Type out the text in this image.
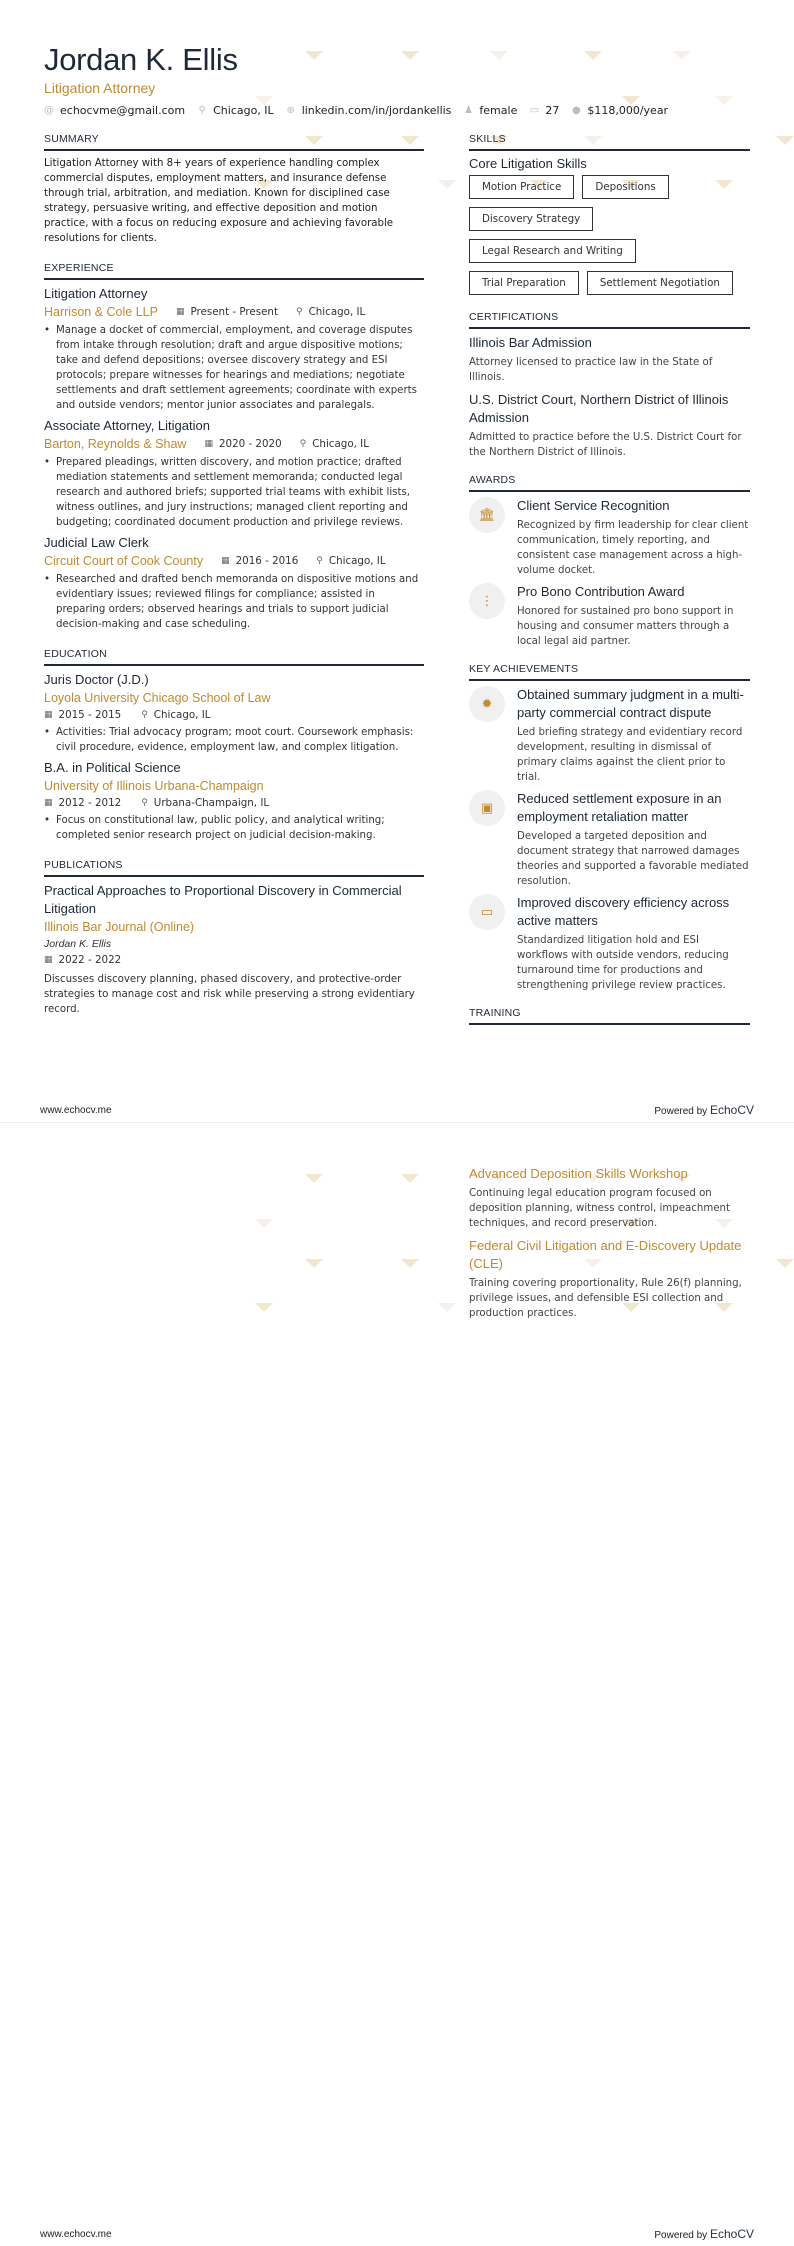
Jordan K. Ellis
Litigation Attorney
@ echocvme@gmail.com ⚲ Chicago, IL ⊕ linkedin.com/in/jordankellis ♟ female ▭ 27 ● $118,000/year
SUMMARY
Litigation Attorney with 8+ years of experience handling complex commercial disputes, employment matters, and insurance defense through trial, arbitration, and mediation. Known for disciplined case strategy, persuasive writing, and effective deposition and motion practice, with a focus on reducing exposure and achieving favorable resolutions for clients.
EXPERIENCE
Litigation Attorney
Harrison & Cole LLP ▦ Present - Present ⚲ Chicago, IL
• Manage a docket of commercial, employment, and coverage disputes from intake through resolution; draft and argue dispositive motions; take and defend depositions; oversee discovery strategy and ESI protocols; prepare witnesses for hearings and mediations; negotiate settlements and draft settlement agreements; coordinate with experts and outside vendors; mentor junior associates and paralegals.
Associate Attorney, Litigation
Barton, Reynolds & Shaw ▦ 2020 - 2020 ⚲ Chicago, IL
• Prepared pleadings, written discovery, and motion practice; drafted mediation statements and settlement memoranda; conducted legal research and authored briefs; supported trial teams with exhibit lists, witness outlines, and jury instructions; managed client reporting and budgeting; coordinated document production and privilege reviews.
Judicial Law Clerk
Circuit Court of Cook County ▦ 2016 - 2016 ⚲ Chicago, IL
• Researched and drafted bench memoranda on dispositive motions and evidentiary issues; reviewed filings for compliance; assisted in preparing orders; observed hearings and trials to support judicial decision-making and case scheduling.
EDUCATION
Juris Doctor (J.D.)
Loyola University Chicago School of Law
▦ 2015 - 2015 ⚲ Chicago, IL
• Activities: Trial advocacy program; moot court. Coursework emphasis: civil procedure, evidence, employment law, and complex litigation.
B.A. in Political Science
University of Illinois Urbana-Champaign
▦ 2012 - 2012 ⚲ Urbana-Champaign, IL
• Focus on constitutional law, public policy, and analytical writing; completed senior research project on judicial decision-making.
PUBLICATIONS
Practical Approaches to Proportional Discovery in Commercial Litigation
Illinois Bar Journal (Online)
Jordan K. Ellis
▦ 2022 - 2022
Discusses discovery planning, phased discovery, and protective-order strategies to manage cost and risk while preserving a strong evidentiary record.
SKILLS
Core Litigation Skills
Motion Practice	Depositions
Discovery Strategy
Legal Research and Writing
Trial Preparation	Settlement Negotiation
CERTIFICATIONS
Illinois Bar Admission
Attorney licensed to practice law in the State of Illinois.
U.S. District Court, Northern District of Illinois Admission
Admitted to practice before the U.S. District Court for the Northern District of Illinois.
AWARDS
🏛
Client Service Recognition
Recognized by firm leadership for clear client communication, timely reporting, and consistent case management across a high-volume docket.
⋮
Pro Bono Contribution Award
Honored for sustained pro bono support in housing and consumer matters through a local legal aid partner.
KEY ACHIEVEMENTS
✹
Obtained summary judgment in a multi-party commercial contract dispute
Led briefing strategy and evidentiary record development, resulting in dismissal of primary claims against the client prior to trial.
▣
Reduced settlement exposure in an employment retaliation matter
Developed a targeted deposition and document strategy that narrowed damages theories and supported a favorable mediated resolution.
▭
Improved discovery efficiency across active matters
Standardized litigation hold and ESI workflows with outside vendors, reducing turnaround time for productions and strengthening privilege review practices.
TRAINING
www.echocv.me	Powered by EchoCV
Advanced Deposition Skills Workshop
Continuing legal education program focused on deposition planning, witness control, impeachment techniques, and record preservation.
Federal Civil Litigation and E-Discovery Update (CLE)
Training covering proportionality, Rule 26(f) planning, privilege issues, and defensible ESI collection and production practices.
www.echocv.me	Powered by EchoCV
